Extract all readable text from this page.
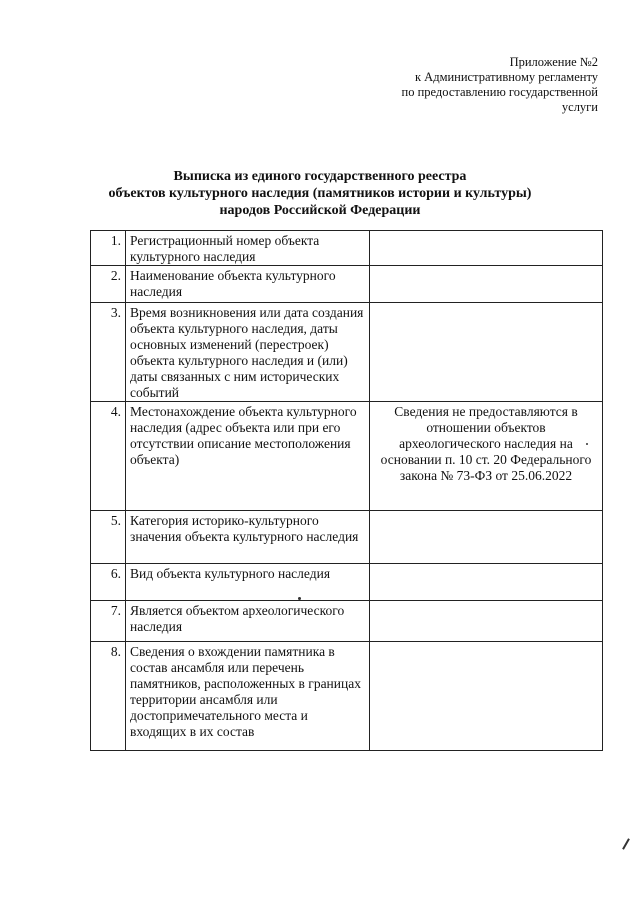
Приложение №2
к Административному регламенту
по предоставлению государственной
услуги
Выписка из единого государственного реестра
объектов культурного наследия (памятников истории и культуры)
народов Российской Федерации
1.	Регистрационный номер объекта культурного наследия	
2.	Наименование объекта культурного наследия	
3.	Время возникновения или дата создания объекта культурного наследия, даты основных изменений (перестроек) объекта культурного наследия и (или) даты связанных с ним исторических событий	
4.	Местонахождение объекта культурного наследия (адрес объекта или при его отсутствии описание местоположения объекта)	Сведения не предоставляются в отношении объектов археологического наследия на основании п. 10 ст. 20 Федерального закона № 73-ФЗ от 25.06.2022
5.	Категория историко-культурного значения объекта культурного наследия	
6.	Вид объекта культурного наследия	
7.	Является объектом археологического наследия	
8.	Сведения о вхождении памятника в состав ансамбля или перечень памятников, расположенных в границах территории ансамбля или достопримечательного места и входящих в их состав	
